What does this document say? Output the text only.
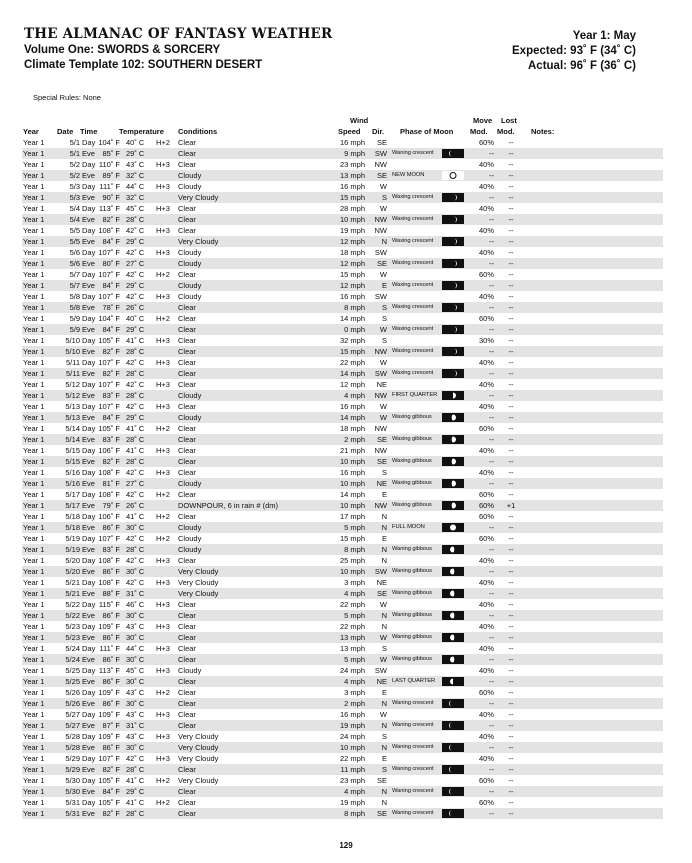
THE ALMANAC OF FANTASY WEATHER
Volume One: SWORDS & SORCERY
Climate Template 102: SOUTHERN DESERT
Year 1: May
Expected: 93˚ F (34˚ C)
Actual: 96˚ F (36˚ C)
Special Rules: None
Wind	Move Lost
Year Date Time	Temperature Conditions	Speed Dir. Phase of Moon Mod. Mod. Notes:
Year 1	5/1 Day 104˚ F 40˚ C H+2 Clear	16 mph	SE	60%	--
Year 1	5/1 Eve	85˚ F 29˚ C	Clear	9 mph	SW Waning crescent	--	--
Year 1	5/2 Day 110˚ F 43˚ C H+3 Clear	23 mph	NW	40%	--
Year 1	5/2 Eve	89˚ F 32˚ C	Cloudy	13 mph	SE NEW MOON	--	--
Year 1	5/3 Day 111˚ F 44˚ C H+3 Cloudy	16 mph	W	40%	--
Year 1	5/3 Eve	90˚ F 32˚ C	Very Cloudy	15 mph	S Waxing crescent	--	--
Year 1	5/4 Day 113˚ F 45˚ C H+3 Clear	28 mph	W	40%	--
Year 1	5/4 Eve	82˚ F 28˚ C	Clear	10 mph	NW Waxing crescent	--	--
Year 1	5/5 Day 108˚ F 42˚ C H+3 Clear	19 mph	NW	40%	--
Year 1	5/5 Eve	84˚ F 29˚ C	Very Cloudy	12 mph	N Waxing crescent	--	--
Year 1	5/6 Day 107˚ F 42˚ C H+3 Cloudy	18 mph	SW	40%	--
Year 1	5/6 Eve	80˚ F 27˚ C	Cloudy	12 mph	SE Waxing crescent	--	--
Year 1	5/7 Day 107˚ F 42˚ C H+2 Clear	15 mph	W	60%	--
Year 1	5/7 Eve	84˚ F 29˚ C	Cloudy	12 mph	E Waxing crescent	--	--
Year 1	5/8 Day 107˚ F 42˚ C H+3 Cloudy	16 mph	SW	40%	--
Year 1	5/8 Eve	78˚ F 26˚ C	Clear	8 mph	S Waxing crescent	--	--
Year 1	5/9 Day 104˚ F 40˚ C H+2 Clear	14 mph	S	60%	--
Year 1	5/9 Eve	84˚ F 29˚ C	Clear	0 mph	W Waxing crescent	--	--
Year 1	5/10 Day 105˚ F 41˚ C H+3 Clear	32 mph	S	30%	--
Year 1	5/10 Eve	82˚ F 28˚ C	Clear	15 mph	NW Waxing crescent	--	--
Year 1	5/11 Day 107˚ F 42˚ C H+3 Clear	22 mph	W	40%	--
Year 1	5/11 Eve	82˚ F 28˚ C	Clear	14 mph	SW Waxing crescent	--	--
Year 1	5/12 Day 107˚ F 42˚ C H+3 Clear	12 mph	NE	40%	--
Year 1	5/12 Eve	83˚ F 28˚ C	Cloudy	4 mph	NW FIRST QUARTER	--	--
Year 1	5/13 Day 107˚ F 42˚ C H+3 Clear	16 mph	W	40%	--
Year 1	5/13 Eve	84˚ F 29˚ C	Cloudy	14 mph	W Waxing gibbous	--	--
Year 1	5/14 Day 105˚ F 41˚ C H+2 Clear	18 mph	NW	60%	--
Year 1	5/14 Eve	83˚ F 28˚ C	Clear	2 mph	SE Waxing gibbous	--	--
Year 1	5/15 Day 106˚ F 41˚ C H+3 Clear	21 mph	NW	40%	--
Year 1	5/15 Eve	82˚ F 28˚ C	Clear	10 mph	SE Waxing gibbous	--	--
Year 1	5/16 Day 108˚ F 42˚ C H+3 Clear	16 mph	S	40%	--
Year 1	5/16 Eve	81˚ F 27˚ C	Cloudy	10 mph	NE Waxing gibbous	--	--
Year 1	5/17 Day 108˚ F 42˚ C H+2 Clear	14 mph	E	60%	--
Year 1	5/17 Eve	79˚ F 26˚ C	DOWNPOUR, 6 in rain # (dm)	10 mph	NW Waxing gibbous	60%	+1
Year 1	5/18 Day 106˚ F 41˚ C H+2 Clear	17 mph	N	60%	--
Year 1	5/18 Eve	86˚ F 30˚ C	Cloudy	5 mph	N FULL MOON	--	--
Year 1	5/19 Day 107˚ F 42˚ C H+2 Cloudy	15 mph	E	60%	--
Year 1	5/19 Eve	83˚ F 28˚ C	Cloudy	8 mph	N Waning gibbous	--	--
Year 1	5/20 Day 108˚ F 42˚ C H+3 Clear	25 mph	N	40%	--
Year 1	5/20 Eve	86˚ F 30˚ C	Very Cloudy	10 mph	SW Waning gibbous	--	--
Year 1	5/21 Day 108˚ F 42˚ C H+3 Very Cloudy	3 mph	NE	40%	--
Year 1	5/21 Eve	88˚ F 31˚ C	Very Cloudy	4 mph	SE Waning gibbous	--	--
Year 1	5/22 Day 115˚ F 46˚ C H+3 Clear	22 mph	W	40%	--
Year 1	5/22 Eve	86˚ F 30˚ C	Clear	5 mph	N Waning gibbous	--	--
Year 1	5/23 Day 109˚ F 43˚ C H+3 Clear	22 mph	N	40%	--
Year 1	5/23 Eve	86˚ F 30˚ C	Clear	13 mph	W Waning gibbous	--	--
Year 1	5/24 Day 111˚ F 44˚ C H+3 Clear	13 mph	S	40%	--
Year 1	5/24 Eve	86˚ F 30˚ C	Clear	5 mph	W Waning gibbous	--	--
Year 1	5/25 Day 113˚ F 45˚ C H+3 Cloudy	24 mph	SW	40%	--
Year 1	5/25 Eve	86˚ F 30˚ C	Clear	4 mph	NE LAST QUARTER	--	--
Year 1	5/26 Day 109˚ F 43˚ C H+2 Clear	3 mph	E	60%	--
Year 1	5/26 Eve	86˚ F 30˚ C	Clear	2 mph	N Waning crescent	--	--
Year 1	5/27 Day 109˚ F 43˚ C H+3 Clear	16 mph	W	40%	--
Year 1	5/27 Eve	87˚ F 31˚ C	Clear	19 mph	N Waning crescent	--	--
Year 1	5/28 Day 109˚ F 43˚ C H+3 Very Cloudy	24 mph	S	40%	--
Year 1	5/28 Eve	86˚ F 30˚ C	Very Cloudy	10 mph	N Waning crescent	--	--
Year 1	5/29 Day 107˚ F 42˚ C H+3 Very Cloudy	22 mph	E	40%	--
Year 1	5/29 Eve	82˚ F 28˚ C	Clear	11 mph	S Waning crescent	--	--
Year 1	5/30 Day 105˚ F 41˚ C H+2 Very Cloudy	23 mph	SE	60%	--
Year 1	5/30 Eve	84˚ F 29˚ C	Clear	4 mph	N Waning crescent	--	--
Year 1	5/31 Day 105˚ F 41˚ C H+2 Clear	19 mph	N	60%	--
Year 1	5/31 Eve	82˚ F 28˚ C	Clear	8 mph	SE Waning crescent	--	--
129
